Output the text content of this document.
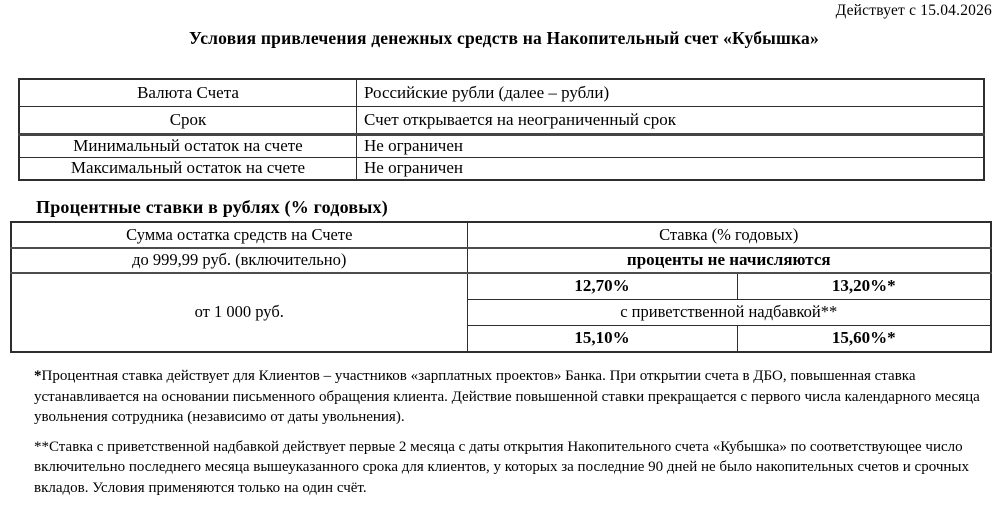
Действует с 15.04.2026
Условия привлечения денежных средств на Накопительный счет «Кубышка»
Валюта Счета	Российские рубли (далее – рубли)
Срок	Счет открывается на неограниченный срок
Минимальный остаток на счете	Не ограничен
Максимальный остаток на счете	Не ограничен
Процентные ставки в рублях (% годовых)
Сумма остатка средств на Счете	Ставка (% годовых)	
до 999,99 руб. (включительно)	проценты не начисляются	
от 1 000 руб.	12,70%	13,20%*
	с приветственной надбавкой**	
	15,10%	15,60%*

*Процентная ставка действует для Клиентов – участников «зарплатных проектов» Банка. При открытии счета в ДБО, повышенная ставка устанавливается на основании письменного обращения клиента. Действие повышенной ставки прекращается с первого числа календарного месяца увольнения сотрудника (независимо от даты увольнения).

**Ставка с приветственной надбавкой действует первые 2 месяца с даты открытия Накопительного счета «Кубышка» по соответствующее число включительно последнего месяца вышеуказанного срока для клиентов, у которых за последние 90 дней не было накопительных счетов и срочных вкладов. Условия применяются только на один счёт.
